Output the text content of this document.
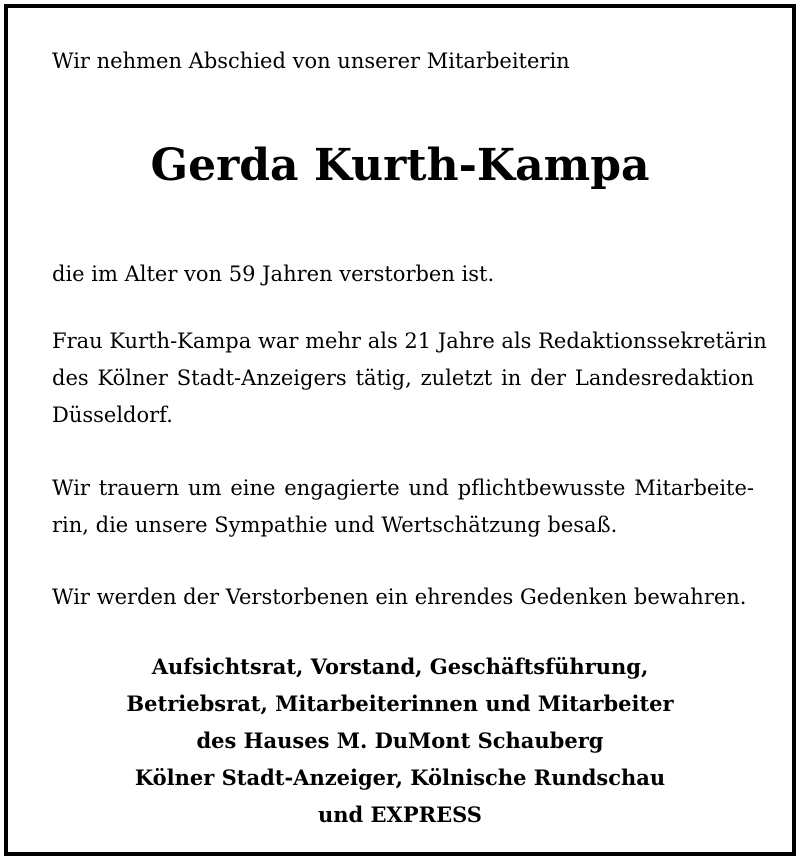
Wir nehmen Abschied von unserer Mitarbeiterin
Gerda Kurth-Kampa
die im Alter von 59 Jahren verstorben ist.
Frau Kurth-Kampa war mehr als 21 Jahre als Redaktionssekretärin
des Kölner Stadt-Anzeigers tätig, zuletzt in der Landesredaktion
Düsseldorf.
Wir trauern um eine engagierte und pflichtbewusste Mitarbeite-
rin, die unsere Sympathie und Wertschätzung besaß.
Wir werden der Verstorbenen ein ehrendes Gedenken bewahren.
Aufsichtsrat, Vorstand, Geschäftsführung,
Betriebsrat, Mitarbeiterinnen und Mitarbeiter
des Hauses M. DuMont Schauberg
Kölner Stadt-Anzeiger, Kölnische Rundschau
und EXPRESS
